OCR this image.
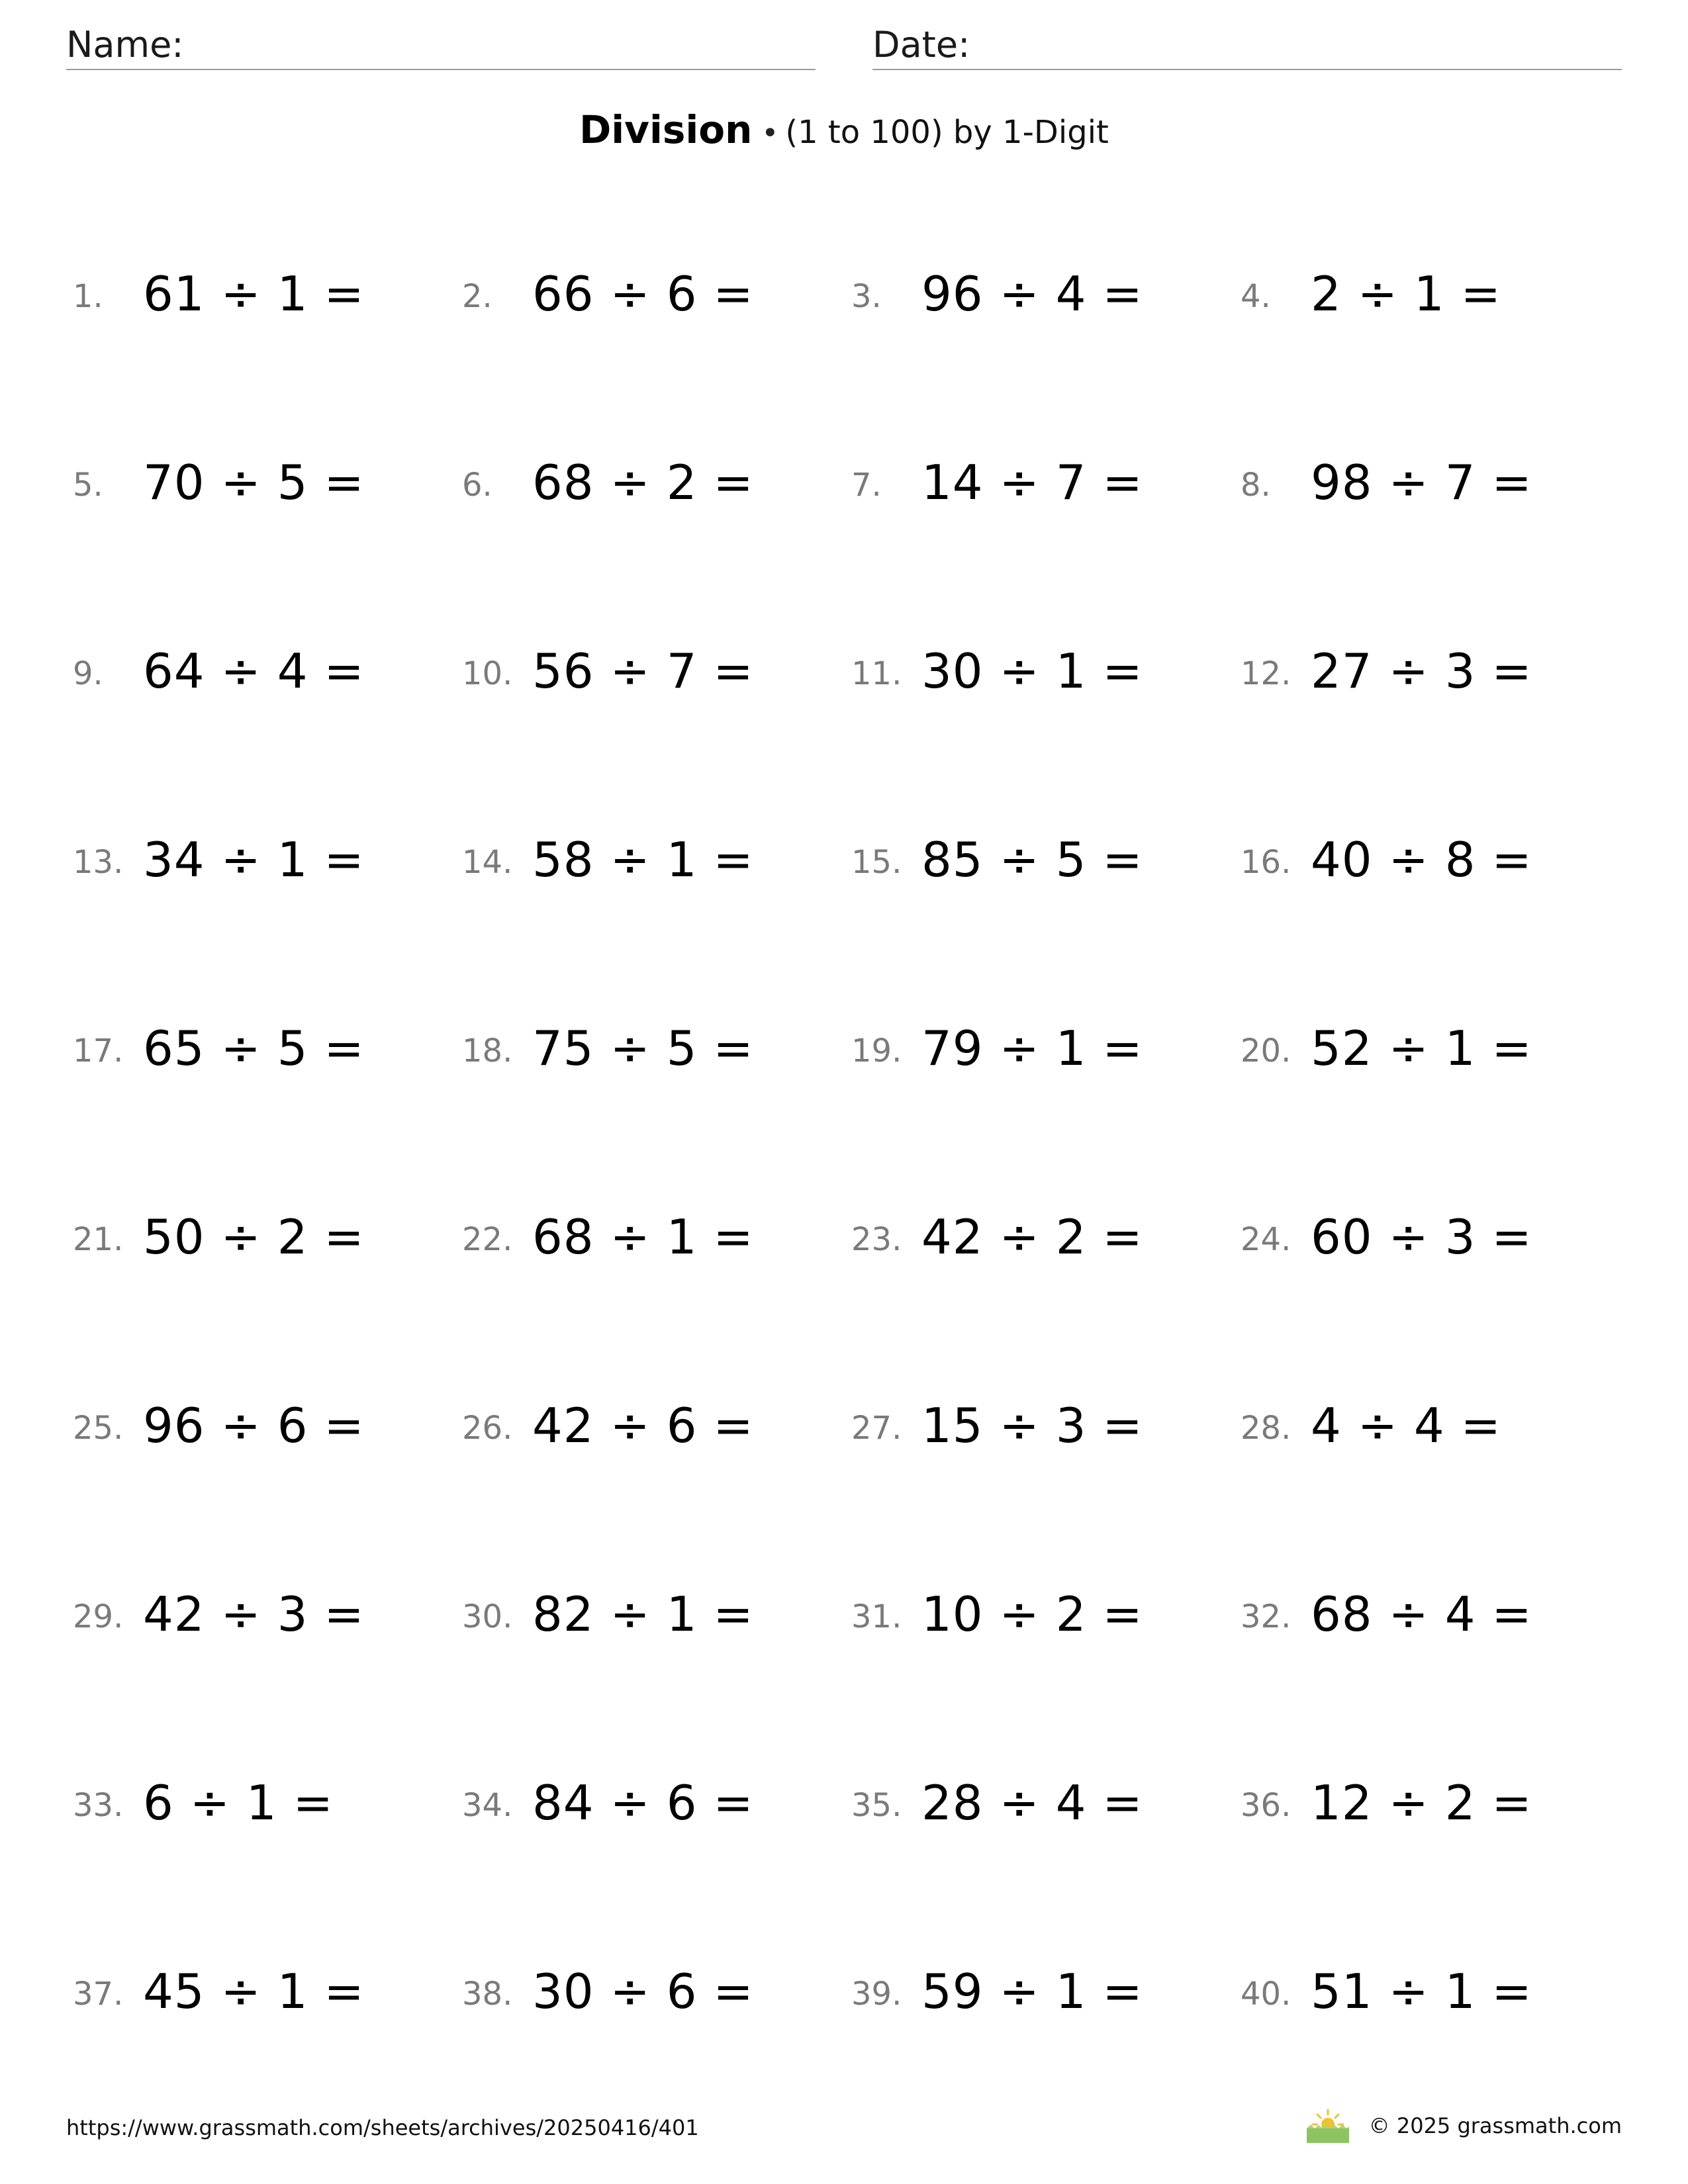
Name:	Date:
Division • (1 to 100) by 1-Digit
1. 61 ÷ 1 =	2. 66 ÷ 6 =	3. 96 ÷ 4 =	4. 2 ÷ 1 =
5. 70 ÷ 5 =	6. 68 ÷ 2 =	7. 14 ÷ 7 =	8. 98 ÷ 7 =
9. 64 ÷ 4 =	10. 56 ÷ 7 =	11. 30 ÷ 1 =	12. 27 ÷ 3 =
13. 34 ÷ 1 =	14. 58 ÷ 1 =	15. 85 ÷ 5 =	16. 40 ÷ 8 =
17. 65 ÷ 5 =	18. 75 ÷ 5 =	19. 79 ÷ 1 =	20. 52 ÷ 1 =
21. 50 ÷ 2 =	22. 68 ÷ 1 =	23. 42 ÷ 2 =	24. 60 ÷ 3 =
25. 96 ÷ 6 =	26. 42 ÷ 6 =	27. 15 ÷ 3 =	28. 4 ÷ 4 =
29. 42 ÷ 3 =	30. 82 ÷ 1 =	31. 10 ÷ 2 =	32. 68 ÷ 4 =
33. 6 ÷ 1 =	34. 84 ÷ 6 =	35. 28 ÷ 4 =	36. 12 ÷ 2 =
37. 45 ÷ 1 =	38. 30 ÷ 6 =	39. 59 ÷ 1 =	40. 51 ÷ 1 =
https://www.grassmath.com/sheets/archives/20250416/401	© 2025 grassmath.com
